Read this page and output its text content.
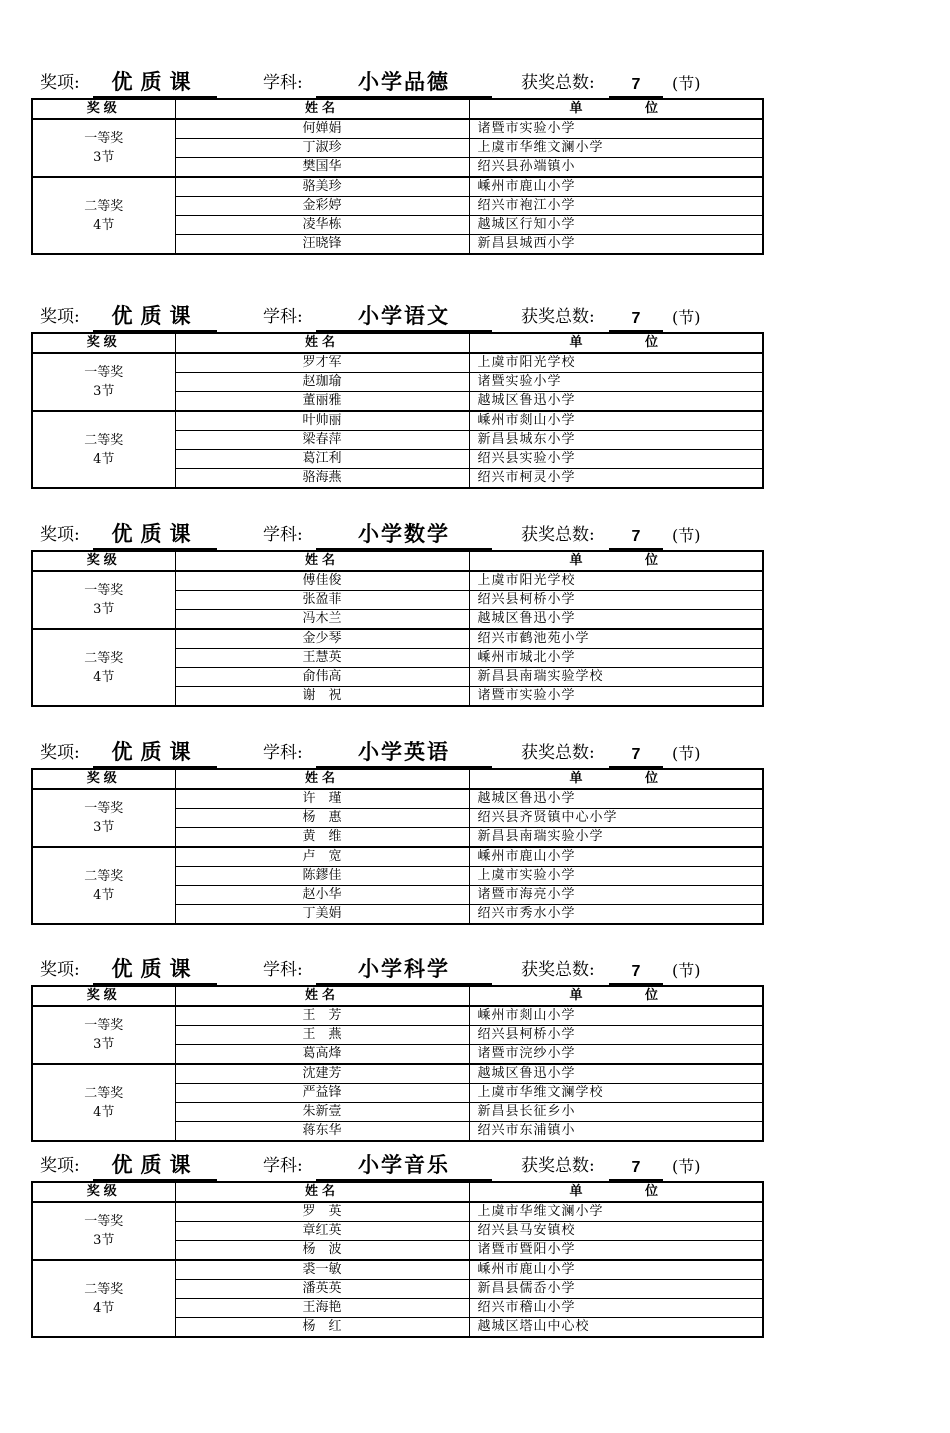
奖项:	优质课	学科:	小学品德	获奖总数:	7	(节)
奖级	姓名	单 位

一等奖
3节	何婵娟	诸暨市实验小学
	丁淑珍	上虞市华维文澜小学
	樊国华	绍兴县孙端镇小

二等奖
4节	骆美珍	嵊州市鹿山小学
	金彩婷	绍兴市袍江小学
	凌华栋	越城区行知小学
	汪晓锋	新昌县城西小学
奖项:	优质课	学科:	小学语文	获奖总数:	7	(节)
奖级	姓名	单 位

一等奖
3节	罗才军	上虞市阳光学校
	赵珈瑜	诸暨实验小学
	董丽雅	越城区鲁迅小学

二等奖
4节	叶帅丽	嵊州市剡山小学
	梁春萍	新昌县城东小学
	葛江利	绍兴县实验小学
	骆海燕	绍兴市柯灵小学
奖项:	优质课	学科:	小学数学	获奖总数:	7	(节)
奖级	姓名	单 位

一等奖
3节	傅佳俊	上虞市阳光学校
	张盈菲	绍兴县柯桥小学
	冯木兰	越城区鲁迅小学

二等奖
4节	金少琴	绍兴市鹤池苑小学
	王慧英	嵊州市城北小学
	俞伟高	新昌县南瑞实验学校
	谢　祝	诸暨市实验小学
奖项:	优质课	学科:	小学英语	获奖总数:	7	(节)
奖级	姓名	单 位

一等奖
3节	许　瑾	越城区鲁迅小学
	杨　惠	绍兴县齐贤镇中心小学
	黄　维	新昌县南瑞实验小学

二等奖
4节	卢　宽	嵊州市鹿山小学
	陈鏐佳	上虞市实验小学
	赵小华	诸暨市海亮小学
	丁美娟	绍兴市秀水小学
奖项:	优质课	学科:	小学科学	获奖总数:	7	(节)
奖级	姓名	单 位

一等奖
3节	王　芳	嵊州市剡山小学
	王　燕	绍兴县柯桥小学
	葛高烽	诸暨市浣纱小学

二等奖
4节	沈建芳	越城区鲁迅小学
	严益锋	上虞市华维文澜学校
	朱新壹	新昌县长征乡小
	蒋东华	绍兴市东浦镇小
奖项:	优质课	学科:	小学音乐	获奖总数:	7	(节)
奖级	姓名	单 位

一等奖
3节	罗　英	上虞市华维文澜小学
	章红英	绍兴县马安镇校
	杨　波	诸暨市暨阳小学

二等奖
4节	裘一敏	嵊州市鹿山小学
	潘英英	新昌县儒岙小学
	王海艳	绍兴市稽山小学
	杨　红	越城区塔山中心校
